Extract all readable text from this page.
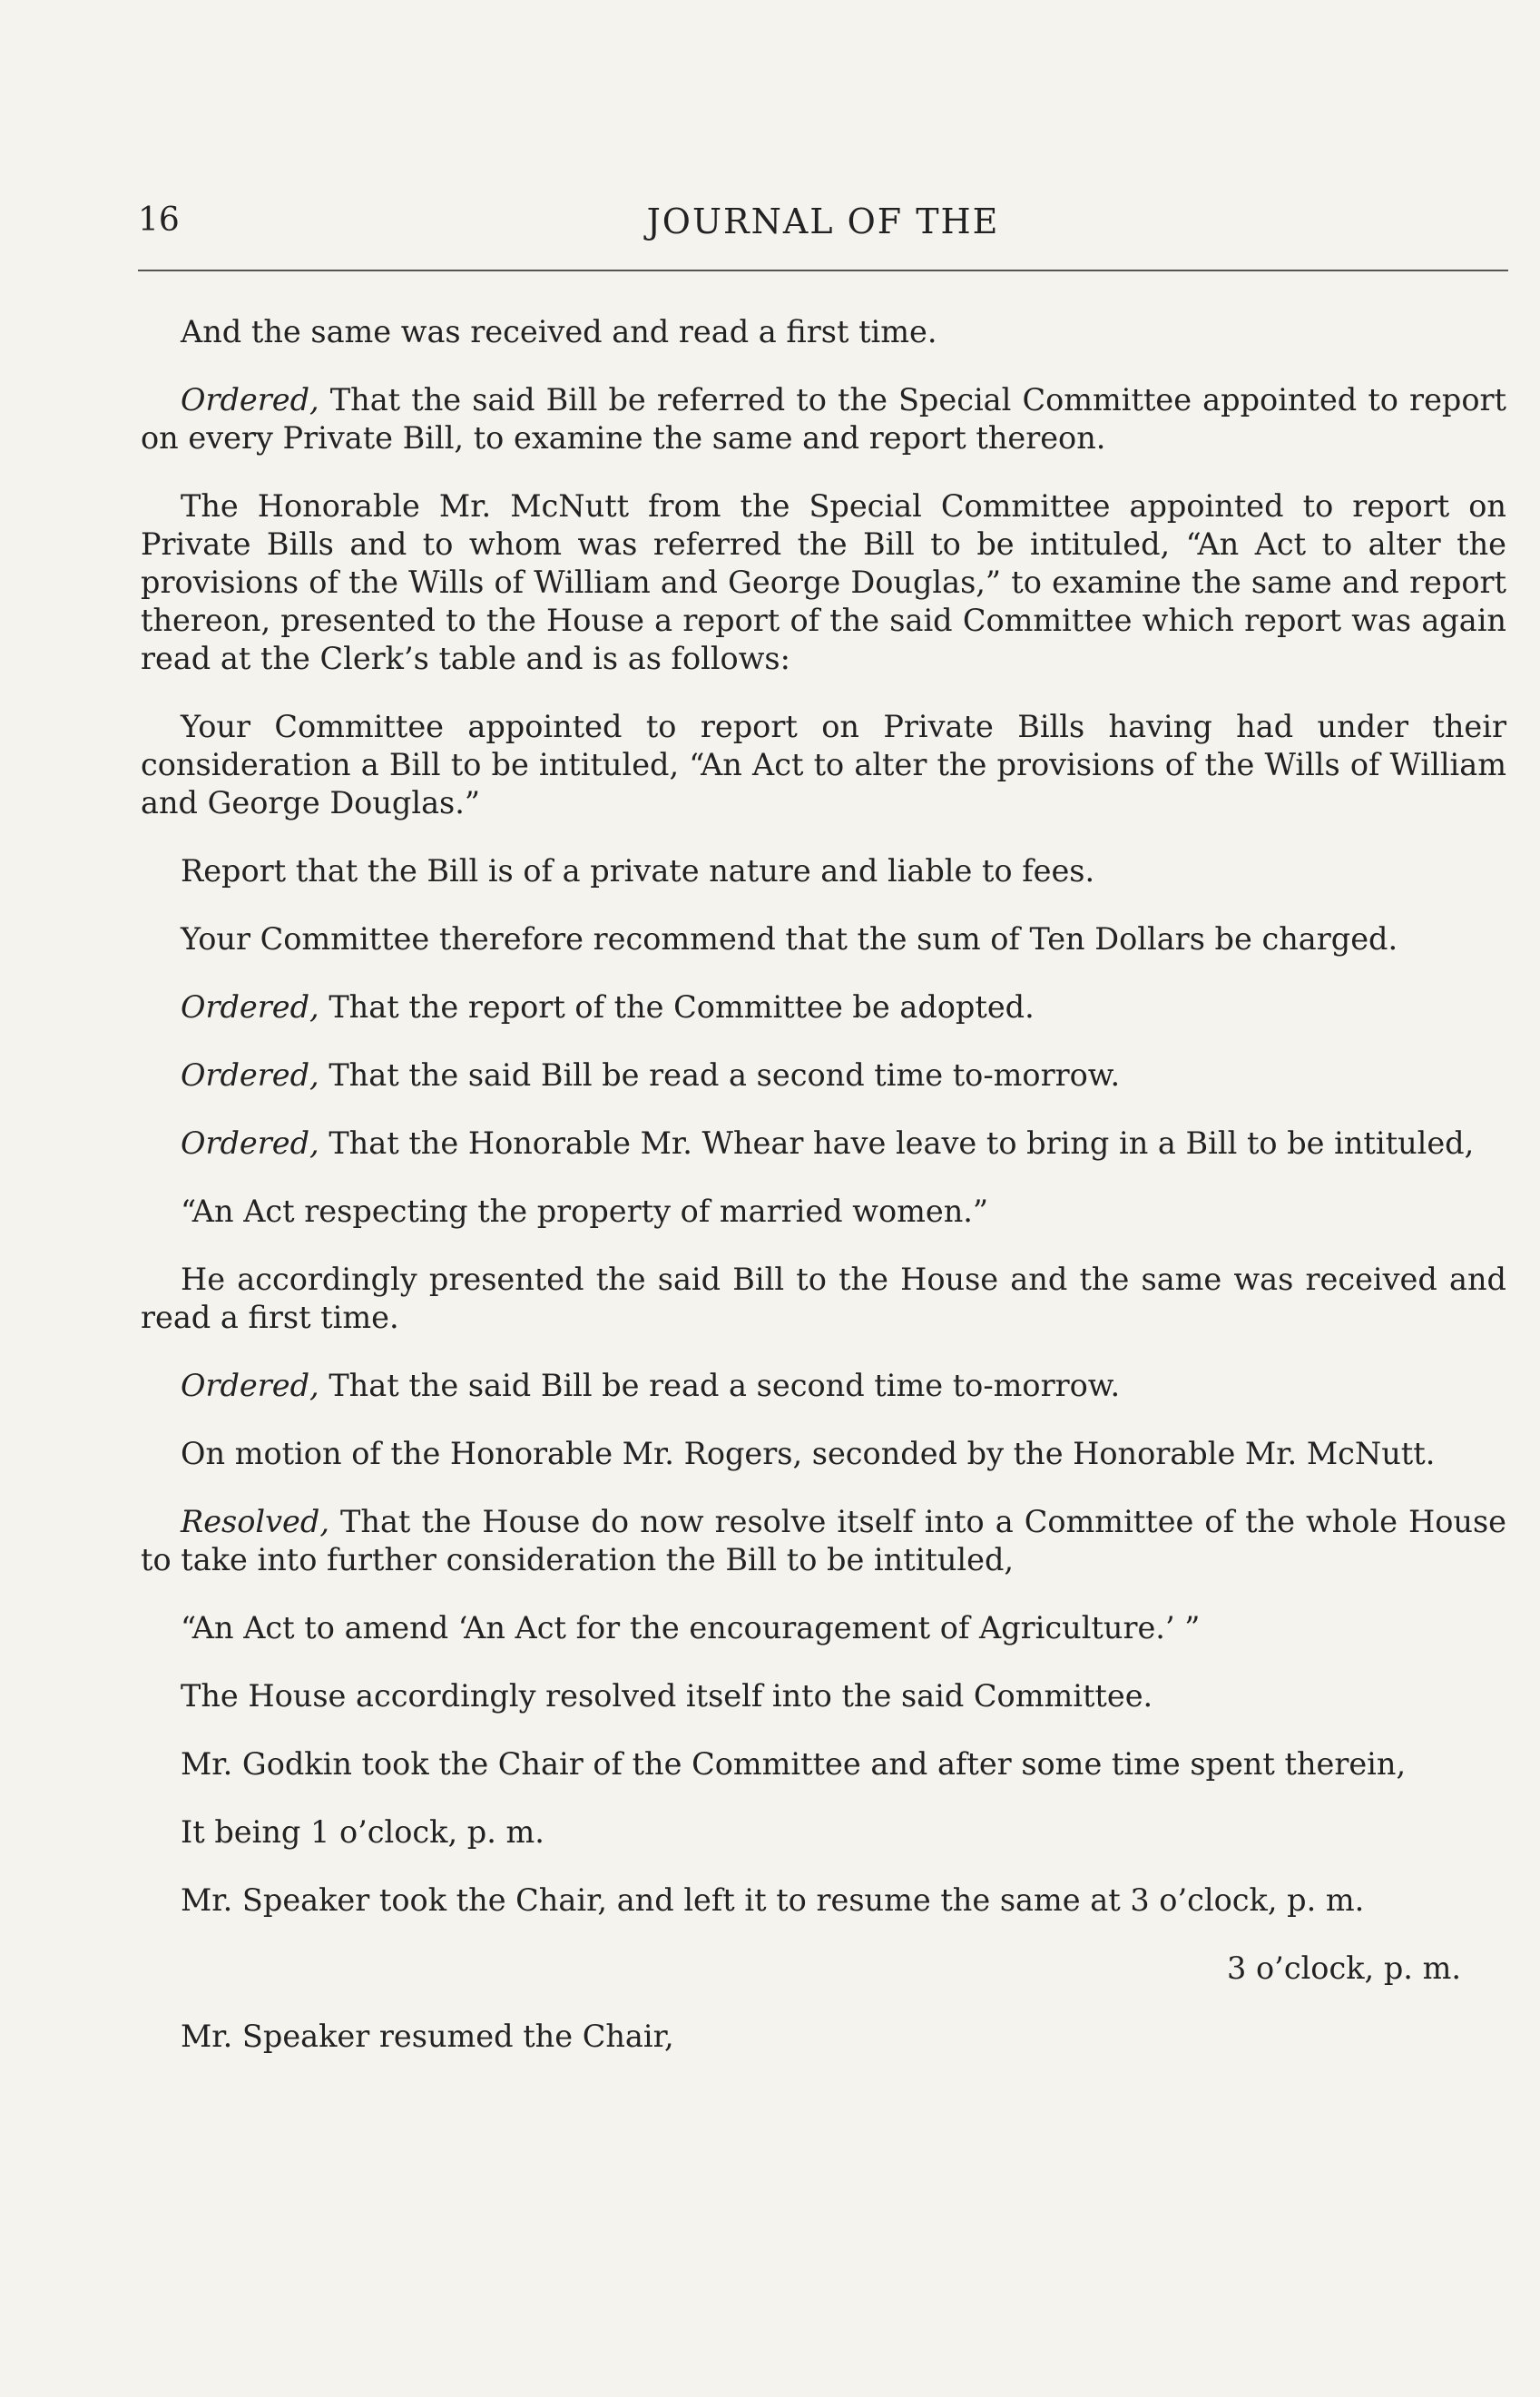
16	JOURNAL OF THE

And the same was received and read a first time.

Ordered, That the said Bill be referred to the Special Committee appointed to report on every Private Bill, to examine the same and report thereon.

The Honorable Mr. McNutt from the Special Committee appointed to report on Private Bills and to whom was referred the Bill to be intituled, “An Act to alter the provisions of the Wills of William and George Douglas,” to examine the same and report thereon, presented to the House a report of the said Committee which report was again read at the Clerk’s table and is as follows:

Your Committee appointed to report on Private Bills having had under their consideration a Bill to be intituled, “An Act to alter the provisions of the Wills of William and George Douglas.”

Report that the Bill is of a private nature and liable to fees.

Your Committee therefore recommend that the sum of Ten Dollars be charged.

Ordered, That the report of the Committee be adopted.

Ordered, That the said Bill be read a second time to-morrow.

Ordered, That the Honorable Mr. Whear have leave to bring in a Bill to be intituled,

“An Act respecting the property of married women.”

He accordingly presented the said Bill to the House and the same was received and read a first time.

Ordered, That the said Bill be read a second time to-morrow.

On motion of the Honorable Mr. Rogers, seconded by the Honorable Mr. McNutt.

Resolved, That the House do now resolve itself into a Committee of the whole House to take into further consideration the Bill to be intituled,

“An Act to amend ‘An Act for the encouragement of Agriculture.’ ”

The House accordingly resolved itself into the said Committee.

Mr. Godkin took the Chair of the Committee and after some time spent therein,

It being 1 o’clock, p. m.

Mr. Speaker took the Chair, and left it to resume the same at 3 o’clock, p. m.

3 o’clock, p. m.

Mr. Speaker resumed the Chair,
